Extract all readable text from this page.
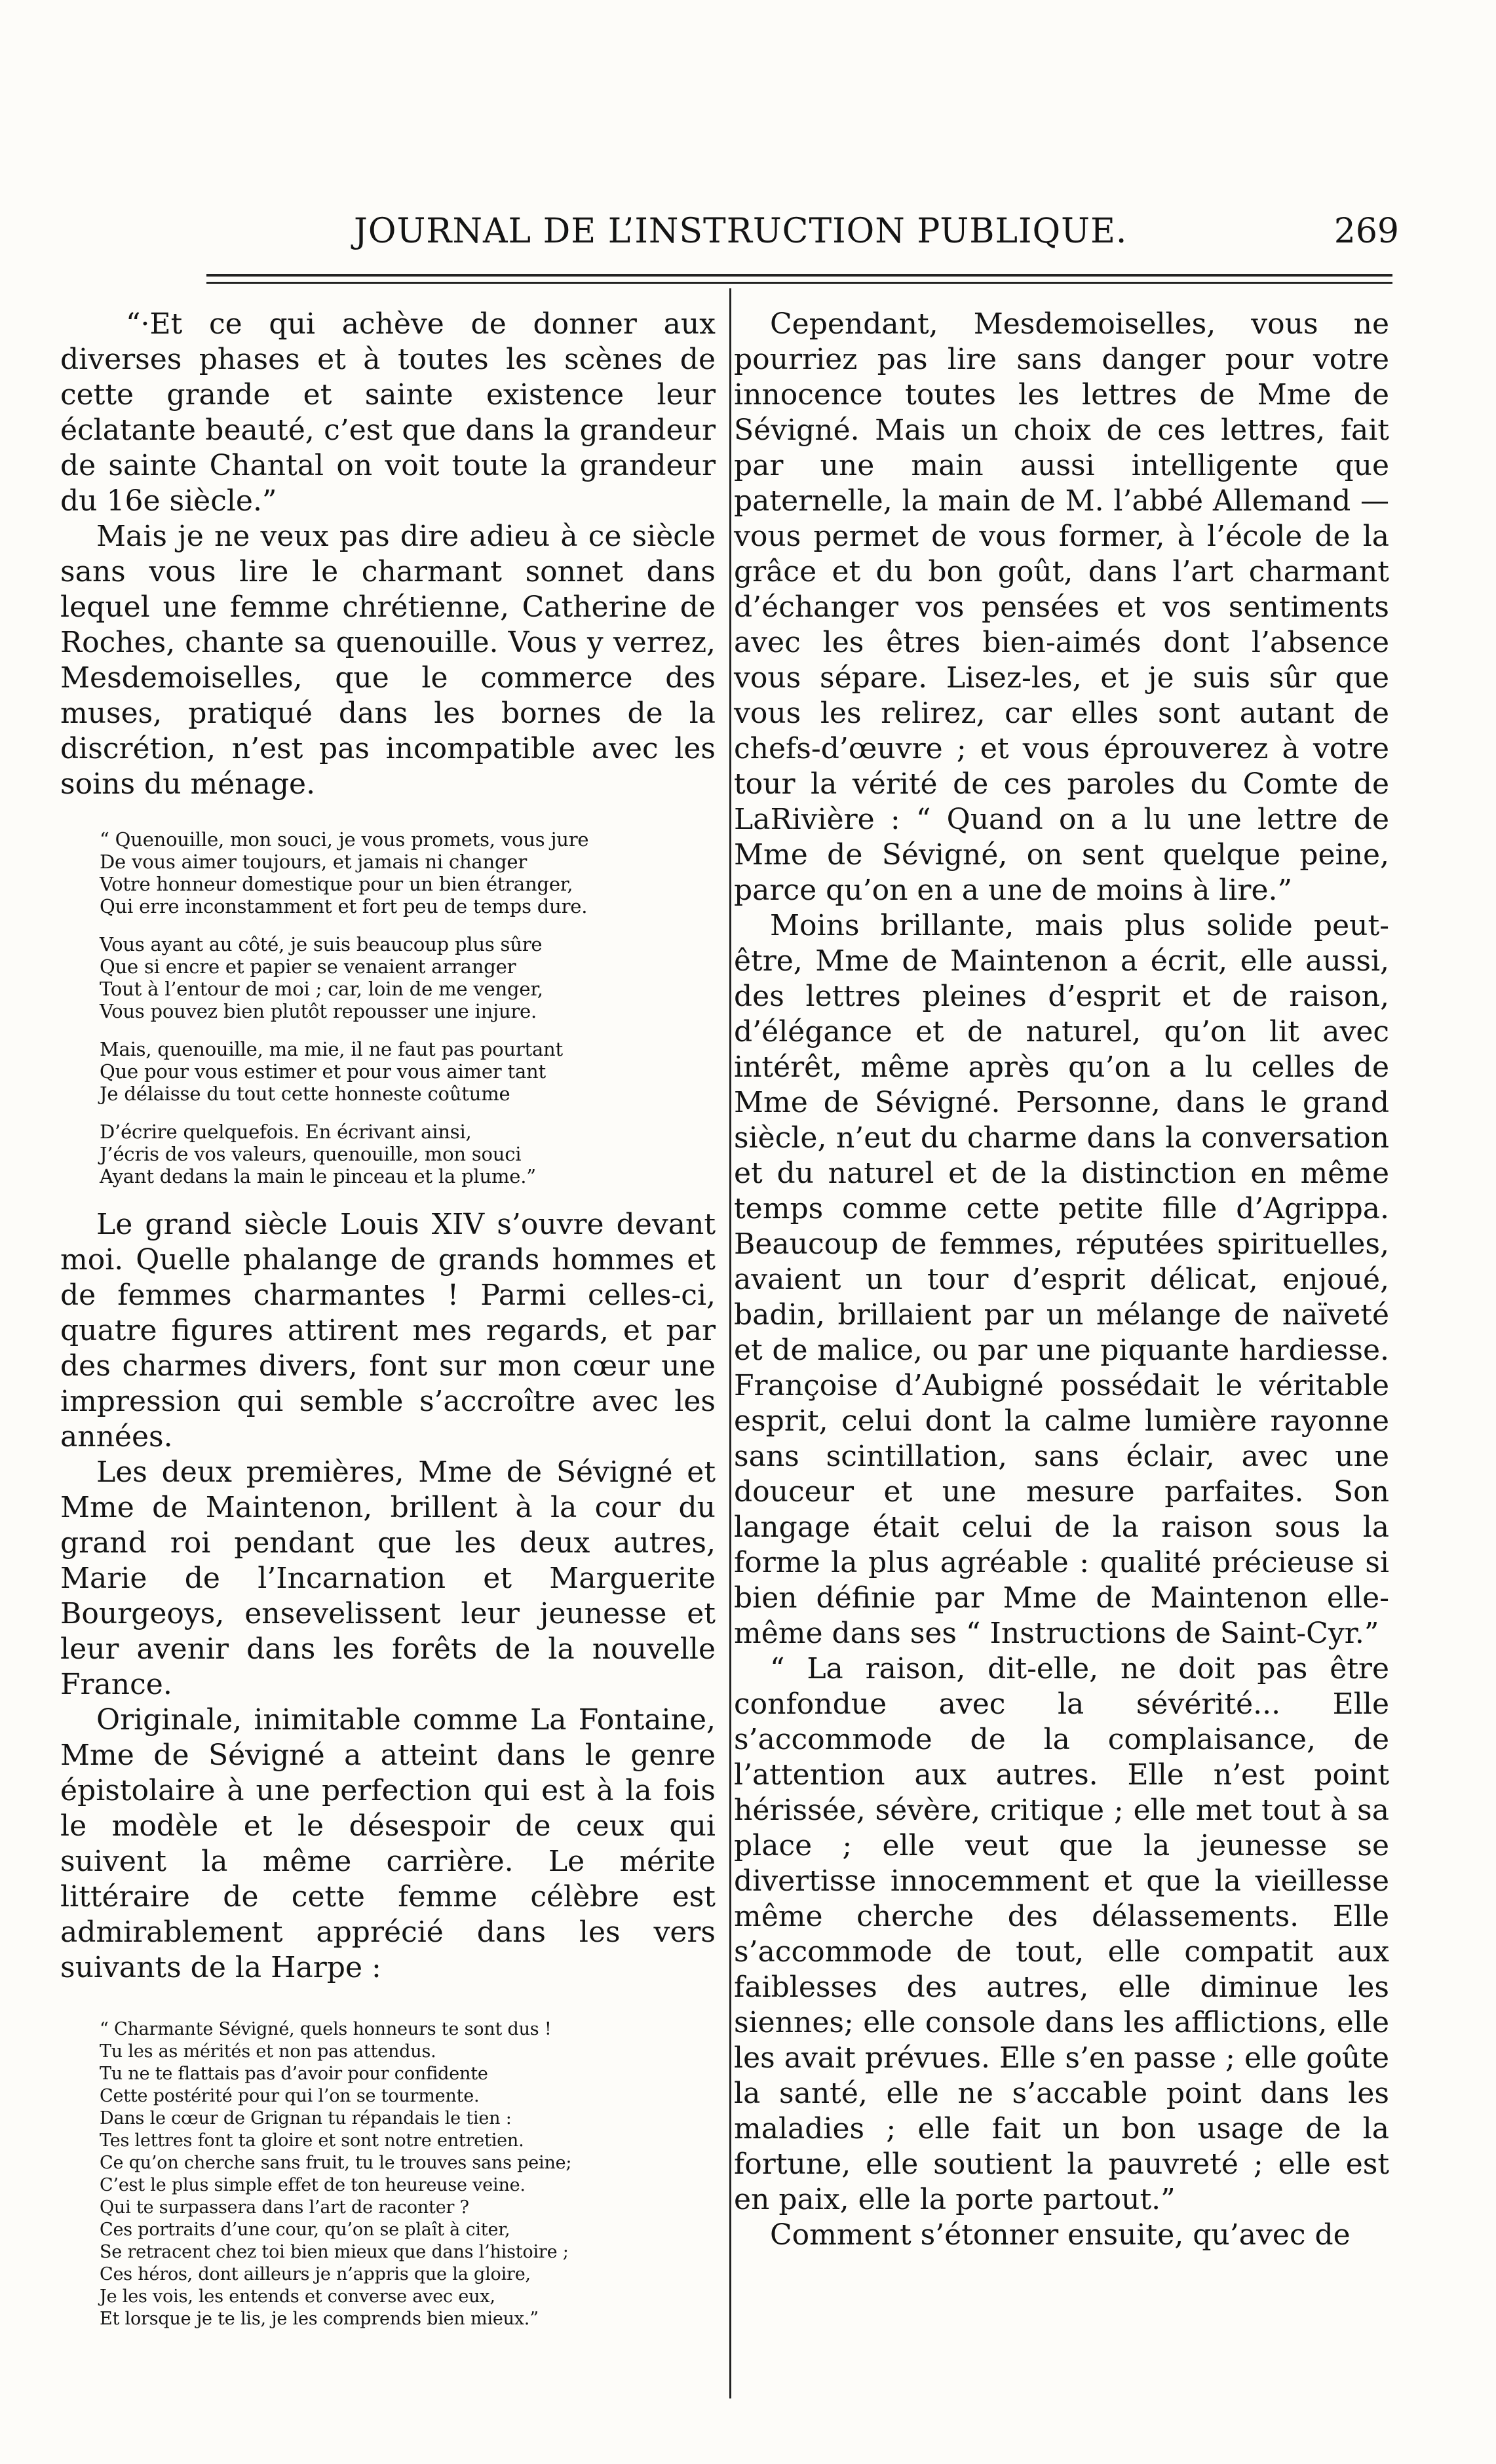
JOURNAL DE L’INSTRUCTION PUBLIQUE.	269

“·Et ce qui achève de donner aux diverses phases et à toutes les scènes de cette grande et sainte existence leur éclatante beauté, c’est que dans la grandeur de sainte Chantal on voit toute la grandeur du 16e siècle.”

Mais je ne veux pas dire adieu à ce siècle sans vous lire le charmant sonnet dans lequel une femme chrétienne, Catherine de Roches, chante sa quenouille. Vous y verrez, Mesdemoiselles, que le commerce des muses, pratiqué dans les bornes de la discrétion, n’est pas incompatible avec les soins du ménage.

“ Quenouille, mon souci, je vous promets, vous jure
De vous aimer toujours, et jamais ni changer
Votre honneur domestique pour un bien étranger,
Qui erre inconstamment et fort peu de temps dure.
Vous ayant au côté, je suis beaucoup plus sûre
Que si encre et papier se venaient arranger
Tout à l’entour de moi ; car, loin de me venger,
Vous pouvez bien plutôt repousser une injure.
Mais, quenouille, ma mie, il ne faut pas pourtant
Que pour vous estimer et pour vous aimer tant
Je délaisse du tout cette honneste coûtume
D’écrire quelquefois. En écrivant ainsi,
J’écris de vos valeurs, quenouille, mon souci
Ayant dedans la main le pinceau et la plume.”

Le grand siècle Louis XIV s’ouvre devant moi. Quelle phalange de grands hommes et de femmes charmantes ! Parmi celles-ci, quatre figures attirent mes regards, et par des charmes divers, font sur mon cœur une impression qui semble s’accroître avec les années.

Les deux premières, Mme de Sévigné et Mme de Maintenon, brillent à la cour du grand roi pendant que les deux autres, Marie de l’Incarnation et Marguerite Bourgeoys, ensevelissent leur jeunesse et leur avenir dans les forêts de la nouvelle France.

Originale, inimitable comme La Fontaine, Mme de Sévigné a atteint dans le genre épistolaire à une perfection qui est à la fois le modèle et le désespoir de ceux qui suivent la même carrière. Le mérite littéraire de cette femme célèbre est admirablement apprécié dans les vers suivants de la Harpe :

“ Charmante Sévigné, quels honneurs te sont dus !
Tu les as mérités et non pas attendus.
Tu ne te flattais pas d’avoir pour confidente
Cette postérité pour qui l’on se tourmente.
Dans le cœur de Grignan tu répandais le tien :
Tes lettres font ta gloire et sont notre entretien.
Ce qu’on cherche sans fruit, tu le trouves sans peine;
C’est le plus simple effet de ton heureuse veine.
Qui te surpassera dans l’art de raconter ?
Ces portraits d’une cour, qu’on se plaît à citer,
Se retracent chez toi bien mieux que dans l’histoire ;
Ces héros, dont ailleurs je n’appris que la gloire,
Je les vois, les entends et converse avec eux,
Et lorsque je te lis, je les comprends bien mieux.”

Cependant, Mesdemoiselles, vous ne pourriez pas lire sans danger pour votre innocence toutes les lettres de Mme de Sévigné. Mais un choix de ces lettres, fait par une main aussi intelligente que paternelle, la main de M. l’abbé Allemand — vous permet de vous former, à l’école de la grâce et du bon goût, dans l’art charmant d’échanger vos pensées et vos sentiments avec les êtres bien-aimés dont l’absence vous sépare. Lisez-les, et je suis sûr que vous les relirez, car elles sont autant de chefs-d’œuvre ; et vous éprouverez à votre tour la vérité de ces paroles du Comte de LaRivière : “ Quand on a lu une lettre de Mme de Sévigné, on sent quelque peine, parce qu’on en a une de moins à lire.”

Moins brillante, mais plus solide peut-être, Mme de Maintenon a écrit, elle aussi, des lettres pleines d’esprit et de raison, d’élégance et de naturel, qu’on lit avec intérêt, même après qu’on a lu celles de Mme de Sévigné. Personne, dans le grand siècle, n’eut du charme dans la conversation et du naturel et de la distinction en même temps comme cette petite fille d’Agrippa. Beaucoup de femmes, réputées spirituelles, avaient un tour d’esprit délicat, enjoué, badin, brillaient par un mélange de naïveté et de malice, ou par une piquante hardiesse. Françoise d’Aubigné possédait le véritable esprit, celui dont la calme lumière rayonne sans scintillation, sans éclair, avec une douceur et une mesure parfaites. Son langage était celui de la raison sous la forme la plus agréable : qualité précieuse si bien définie par Mme de Maintenon elle-même dans ses “ Instructions de Saint-Cyr.”

“ La raison, dit-elle, ne doit pas être confondue avec la sévérité... Elle s’accommode de la complaisance, de l’attention aux autres. Elle n’est point hérissée, sévère, critique ; elle met tout à sa place ; elle veut que la jeunesse se divertisse innocemment et que la vieillesse même cherche des délassements. Elle s’accommode de tout, elle compatit aux faiblesses des autres, elle diminue les siennes; elle console dans les afflictions, elle les avait prévues. Elle s’en passe ; elle goûte la santé, elle ne s’accable point dans les maladies ; elle fait un bon usage de la fortune, elle soutient la pauvreté ; elle est en paix, elle la porte partout.”

Comment s’étonner ensuite, qu’avec de
